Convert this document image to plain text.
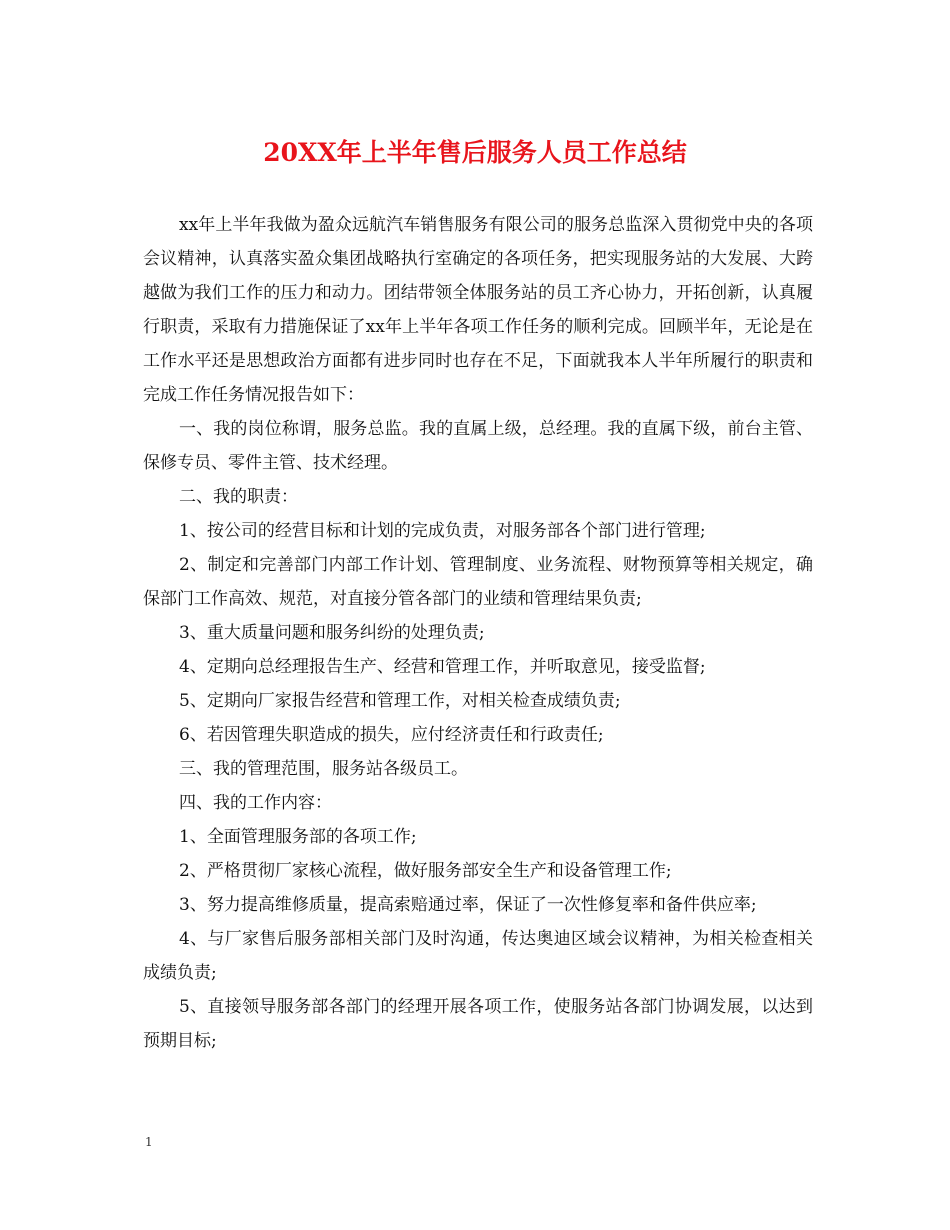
20XX年上半年售后服务人员工作总结

xx年上半年我做为盈众远航汽车销售服务有限公司的服务总监深入贯彻党中央的各项会议精神，认真落实盈众集团战略执行室确定的各项任务，把实现服务站的大发展、大跨越做为我们工作的压力和动力。团结带领全体服务站的员工齐心协力，开拓创新，认真履行职责，采取有力措施保证了xx年上半年各项工作任务的顺利完成。回顾半年，无论是在工作水平还是思想政治方面都有进步同时也存在不足，下面就我本人半年所履行的职责和完成工作任务情况报告如下：

一、我的岗位称谓，服务总监。我的直属上级，总经理。我的直属下级，前台主管、保修专员、零件主管、技术经理。

二、我的职责：

1、按公司的经营目标和计划的完成负责，对服务部各个部门进行管理;

2、制定和完善部门内部工作计划、管理制度、业务流程、财物预算等相关规定，确保部门工作高效、规范，对直接分管各部门的业绩和管理结果负责;

3、重大质量问题和服务纠纷的处理负责;

4、定期向总经理报告生产、经营和管理工作，并听取意见，接受监督;

5、定期向厂家报告经营和管理工作，对相关检查成绩负责;

6、若因管理失职造成的损失，应付经济责任和行政责任;

三、我的管理范围，服务站各级员工。

四、我的工作内容：

1、全面管理服务部的各项工作;

2、严格贯彻厂家核心流程，做好服务部安全生产和设备管理工作;

3、努力提高维修质量，提高索赔通过率，保证了一次性修复率和备件供应率;

4、与厂家售后服务部相关部门及时沟通，传达奥迪区域会议精神，为相关检查相关成绩负责;

5、直接领导服务部各部门的经理开展各项工作，使服务站各部门协调发展，以达到预期目标;

1
